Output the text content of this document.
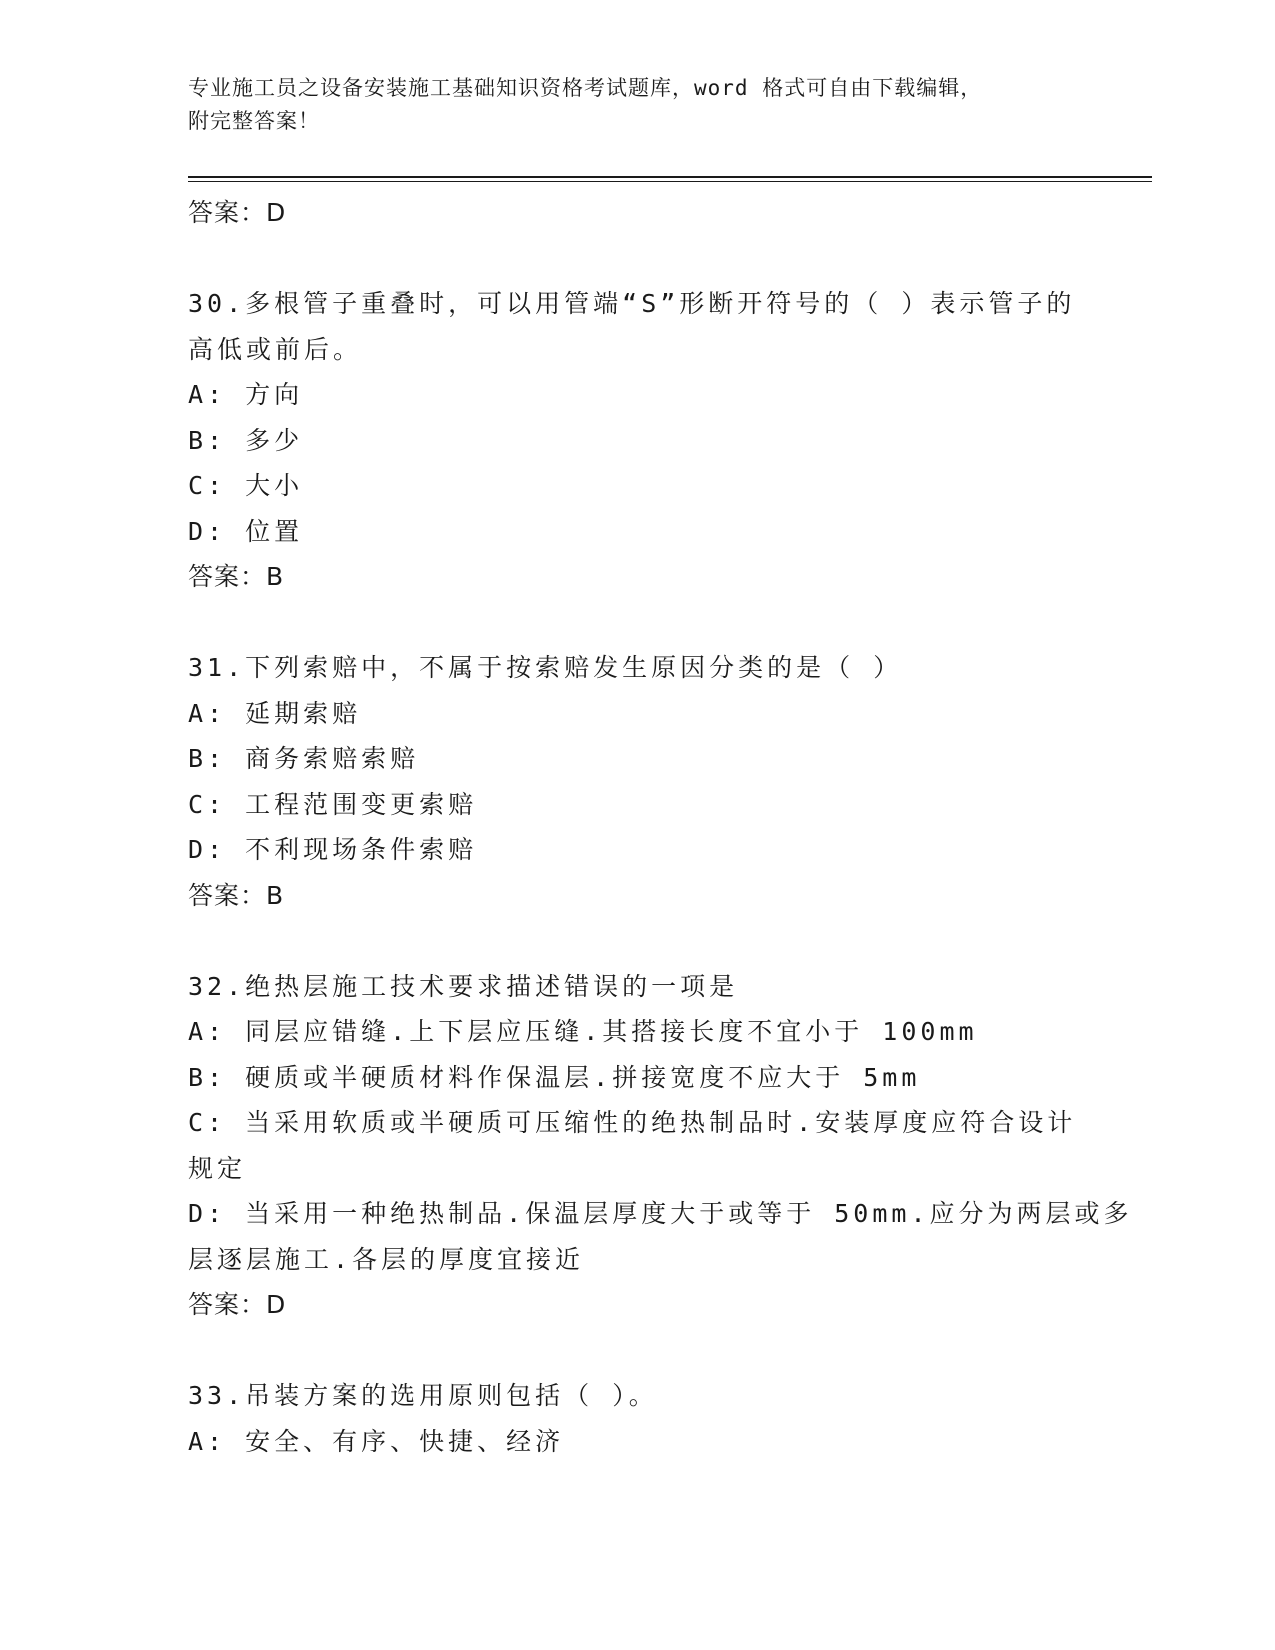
专业施工员之设备安装施工基础知识资格考试题库，word 格式可自由下载编辑，
附完整答案！
答案：D
30.多根管子重叠时，可以用管端“S”形断开符号的（ ）表示管子的
高低或前后。
A: 方向
B: 多少
C: 大小
D: 位置
答案：B
31.下列索赔中，不属于按索赔发生原因分类的是（ ）
A: 延期索赔
B: 商务索赔索赔
C: 工程范围变更索赔
D: 不利现场条件索赔
答案：B
32.绝热层施工技术要求描述错误的一项是
A: 同层应错缝.上下层应压缝.其搭接长度不宜小于 100mm
B: 硬质或半硬质材料作保温层.拼接宽度不应大于 5mm
C: 当采用软质或半硬质可压缩性的绝热制品时.安装厚度应符合设计
规定
D: 当采用一种绝热制品.保温层厚度大于或等于 50mm.应分为两层或多
层逐层施工.各层的厚度宜接近
答案：D
33.吊装方案的选用原则包括（ ）。
A: 安全、有序、快捷、经济
